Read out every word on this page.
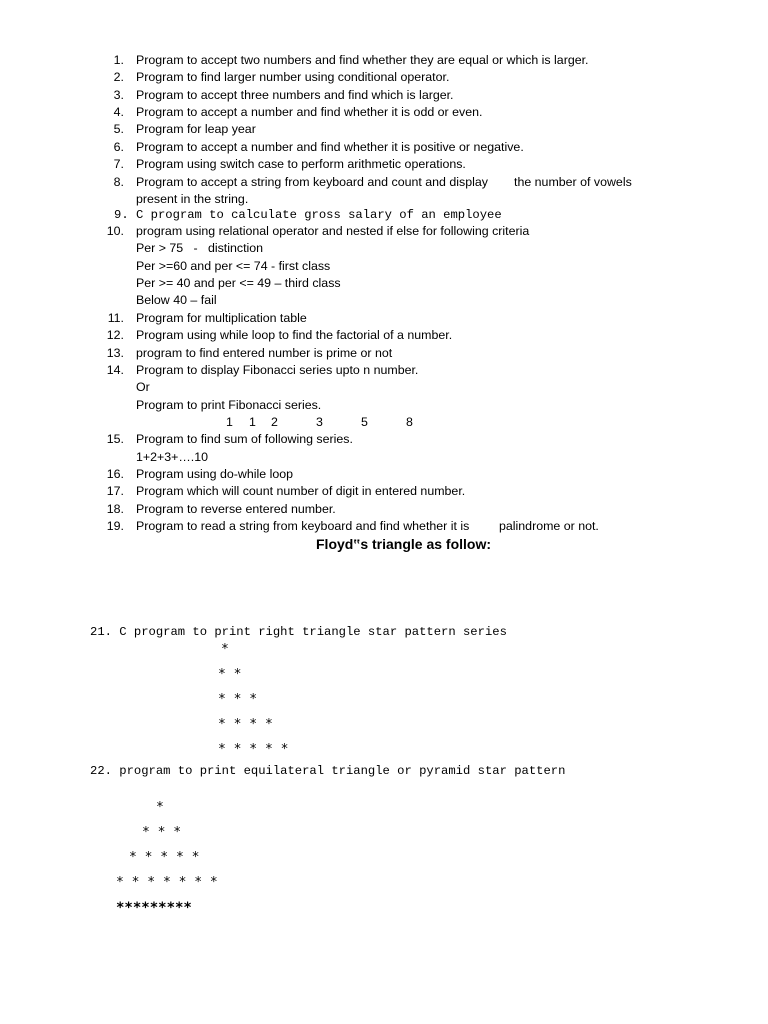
1. Program to accept two numbers and find whether they are equal or which is larger.
2. Program to find larger number using conditional operator.
3. Program to accept three numbers and find which is larger.
4. Program to accept a number and find whether it is odd or even.
5. Program for leap year
6. Program to accept a number and find whether it is positive or negative.
7. Program using switch case to perform arithmetic operations.
8. Program to accept a string from keyboard and count and display the number of vowels
present in the string.
9. C program to calculate gross salary of an employee
10. program using relational operator and nested if else for following criteria
Per > 75   -   distinction
Per >=60 and per <= 74 - first class
Per >= 40 and per <= 49 – third class
Below 40 – fail
11. Program for multiplication table
12. Program using while loop to find the factorial of a number.
13. program to find entered number is prime or not
14. Program to display Fibonacci series upto n number.
Or
Program to print Fibonacci series.
1 1 2	3	5	8
15. Program to find sum of following series.
1+2+3+….10
16. Program using do-while loop
17. Program which will count number of digit in entered number.
18. Program to reverse entered number.
19. Program to read a string from keyboard and find whether it is palindrome or not.
Floyd‟s triangle as follow:
21. C program to print right triangle star pattern series
*
* *
* * *
* * * *
* * * * *
22. program to print equilateral triangle or pyramid star pattern
*
* * *
* * * * *
* * * * * * *
*********
